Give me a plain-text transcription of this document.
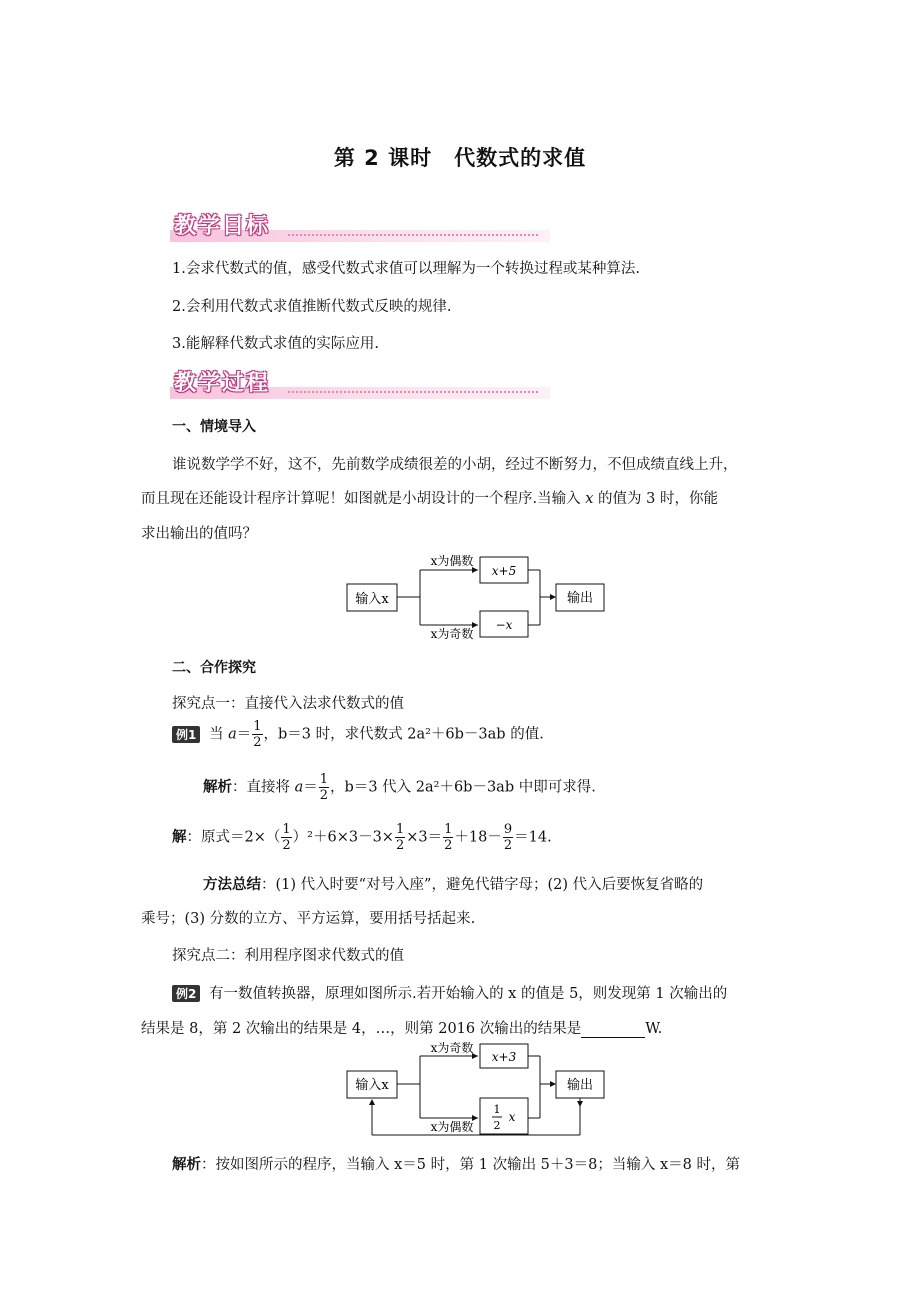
第 2 课时　代数式的求值
教学目标
1.会求代数式的值，感受代数式求值可以理解为一个转换过程或某种算法.
2.会利用代数式求值推断代数式反映的规律.
3.能解释代数式求值的实际应用.
教学过程
一、情境导入
谁说数学学不好，这不，先前数学成绩很差的小胡，经过不断努力，不但成绩直线上升，
而且现在还能设计程序计算呢！如图就是小胡设计的一个程序.当输入 x 的值为 3 时，你能
求出输出的值吗？
输入x
x为偶数
x为奇数
x+5
−x
输出
二、合作探究
探究点一：直接代入法求代数式的值
例1 当 $a= \frac{1}{2}$ ，b＝3 时，求代数式 2a²＋6b－3ab 的值.
解析：直接将 $a= \frac{1}{2}$ ，b＝3 代入 2a²＋6b－3ab 中即可求得.
解：原式$=2\times( \frac{1}{2} )^2+6\times 3-3\times \frac{1}{2} \times 3= \frac{1}{2} +18- \frac{9}{2} =14$.
方法总结：(1) 代入时要“对号入座”，避免代错字母；(2) 代入后要恢复省略的
乘号；(3) 分数的立方、平方运算，要用括号括起来.
探究点二：利用程序图求代数式的值
例2 有一数值转换器，原理如图所示.若开始输入的 x 的值是 5，则发现第 1 次输出的
结果是 8，第 2 次输出的结果是 4，…，则第 2016 次输出的结果是	W.
输入x
x为奇数
x为偶数
x+3
1
2
x
输出
解析：按如图所示的程序，当输入 x＝5 时，第 1 次输出 5＋3＝8；当输入 x＝8 时，第
